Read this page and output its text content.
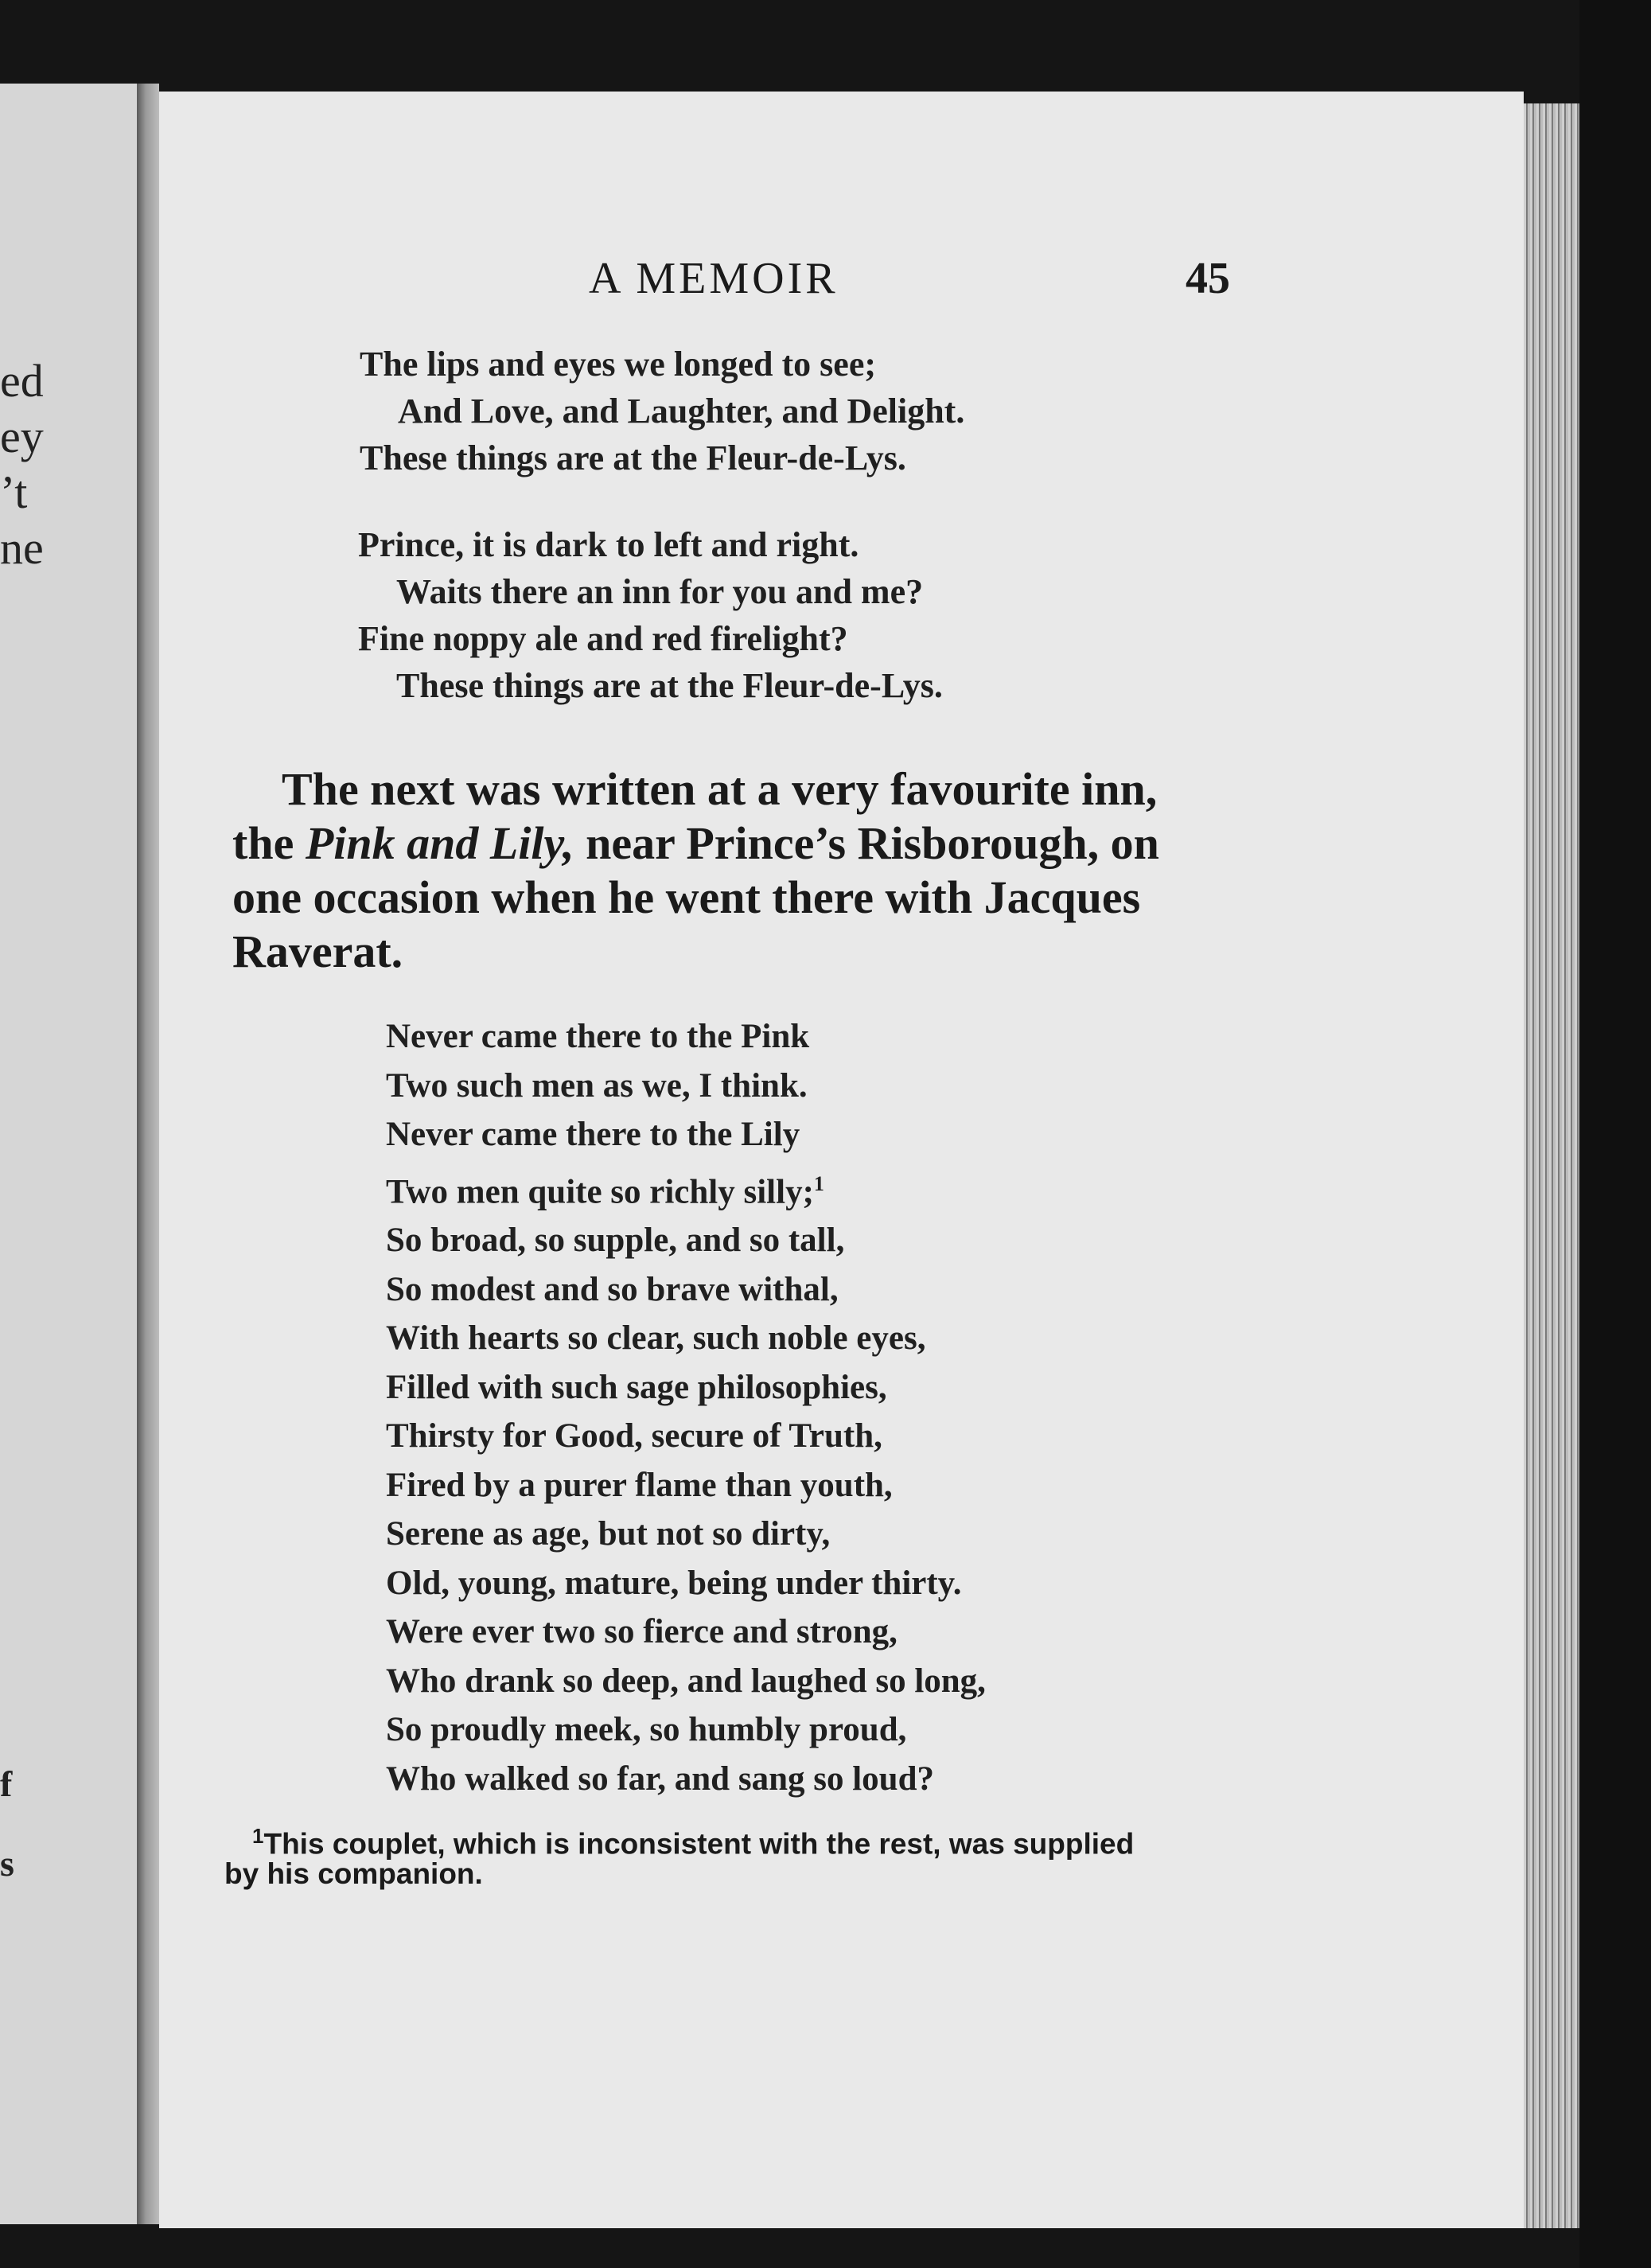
ed
ey
’t
ne
f
s
A MEMOIR	45
The lips and eyes we longed to see;
And Love, and Laughter, and Delight.
These things are at the Fleur-de-Lys.
Prince, it is dark to left and right.
Waits there an inn for you and me?
Fine noppy ale and red firelight?
These things are at the Fleur-de-Lys.
The next was written at a very favourite inn,
the Pink and Lily, near Prince’s Risborough, on
one occasion when he went there with Jacques
Raverat.
Never came there to the Pink
Two such men as we, I think.
Never came there to the Lily
Two men quite so richly silly;$^1$
So broad, so supple, and so tall,
So modest and so brave withal,
With hearts so clear, such noble eyes,
Filled with such sage philosophies,
Thirsty for Good, secure of Truth,
Fired by a purer flame than youth,
Serene as age, but not so dirty,
Old, young, mature, being under thirty.
Were ever two so fierce and strong,
Who drank so deep, and laughed so long,
So proudly meek, so humbly proud,
Who walked so far, and sang so loud?
$^1$This couplet, which is inconsistent with the rest, was supplied
by his companion.
